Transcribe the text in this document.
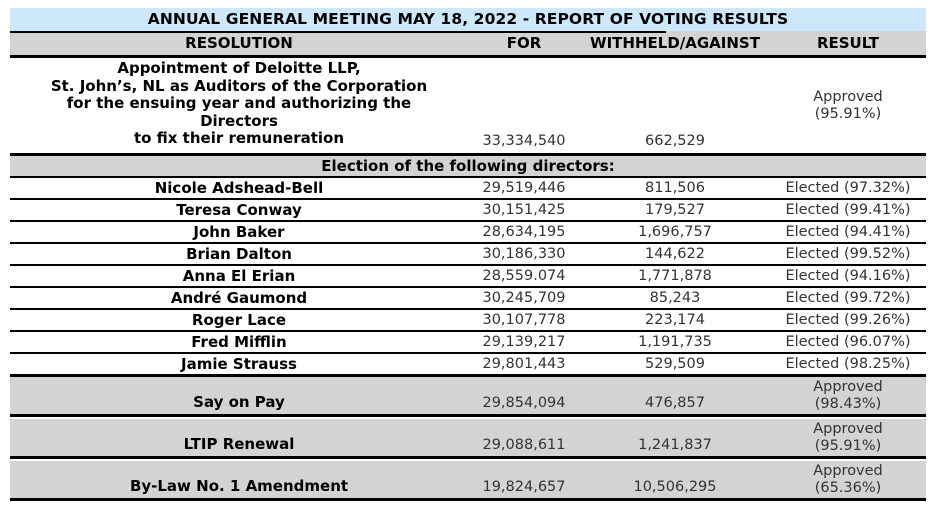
ANNUAL GENERAL MEETING MAY 18, 2022 - REPORT OF VOTING RESULTS
RESOLUTION	FOR	WITHHELD/AGAINST	RESULT
Appointment of Deloitte LLP,
St. John’s, NL as Auditors of the Corporation
for the ensuing year and authorizing the
Directors
to fix their remuneration	33,334,540	662,529
Approved
(95.91%)
Election of the following directors:
Nicole Adshead-Bell	29,519,446	811,506	Elected (97.32%)
Teresa Conway	30,151,425	179,527	Elected (99.41%)
John Baker	28,634,195	1,696,757	Elected (94.41%)
Brian Dalton	30,186,330	144,622	Elected (99.52%)
Anna El Erian	28,559.074	1,771,878	Elected (94.16%)
André Gaumond	30,245,709	85,243	Elected (99.72%)
Roger Lace	30,107,778	223,174	Elected (99.26%)
Fred Mifflin	29,139,217	1,191,735	Elected (96.07%)
Jamie Strauss	29,801,443	529,509	Elected (98.25%)
Say on Pay	29,854,094	476,857
Approved
(98.43%)
LTIP Renewal	29,088,611	1,241,837
Approved
(95.91%)
By-Law No. 1 Amendment	19,824,657	10,506,295
Approved
(65.36%)
